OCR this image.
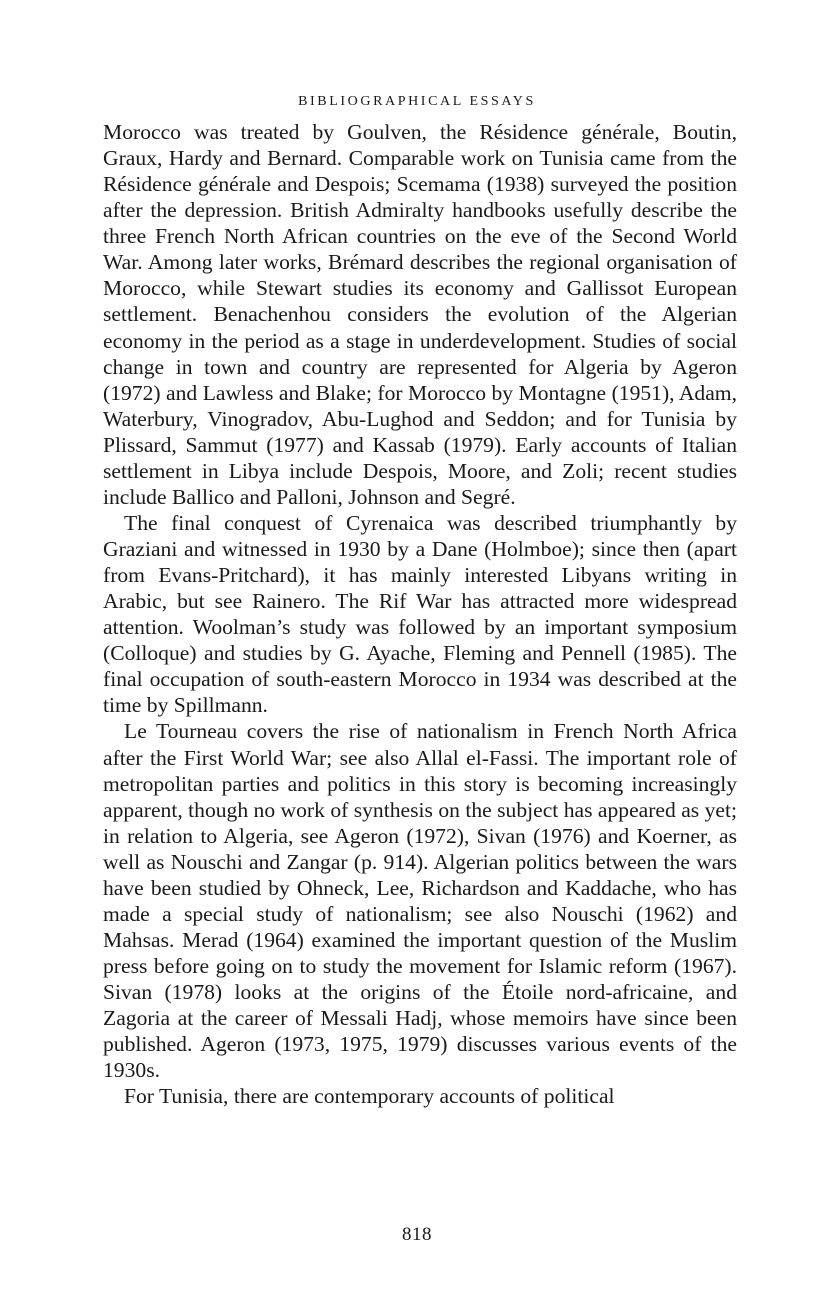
BIBLIOGRAPHICAL ESSAYS

Morocco was treated by Goulven, the Résidence générale, Boutin, Graux, Hardy and Bernard. Comparable work on Tunisia came from the Résidence générale and Despois; Scemama (1938) surveyed the position after the depression. British Admiralty handbooks usefully describe the three French North African countries on the eve of the Second World War. Among later works, Brémard describes the regional organisation of Morocco, while Stewart studies its economy and Gallissot European settlement. Benachenhou considers the evolution of the Algerian economy in the period as a stage in underdevelopment. Studies of social change in town and country are represented for Algeria by Ageron (1972) and Lawless and Blake; for Morocco by Montagne (1951), Adam, Waterbury, Vinogradov, Abu-Lughod and Seddon; and for Tunisia by Plissard, Sammut (1977) and Kassab (1979). Early accounts of Italian settlement in Libya include Despois, Moore, and Zoli; recent studies include Ballico and Palloni, Johnson and Segré.

The final conquest of Cyrenaica was described triumphantly by Graziani and witnessed in 1930 by a Dane (Holmboe); since then (apart from Evans-Pritchard), it has mainly interested Libyans writing in Arabic, but see Rainero. The Rif War has attracted more widespread attention. Woolman’s study was followed by an important symposium (Colloque) and studies by G. Ayache, Fleming and Pennell (1985). The final occupation of south-eastern Morocco in 1934 was described at the time by Spillmann.

Le Tourneau covers the rise of nationalism in French North Africa after the First World War; see also Allal el-Fassi. The important role of metropolitan parties and politics in this story is becoming increasingly apparent, though no work of synthesis on the subject has appeared as yet; in relation to Algeria, see Ageron (1972), Sivan (1976) and Koerner, as well as Nouschi and Zangar (p. 914). Algerian politics between the wars have been studied by Ohneck, Lee, Richardson and Kaddache, who has made a special study of nationalism; see also Nouschi (1962) and Mahsas. Merad (1964) examined the important question of the Muslim press before going on to study the movement for Islamic reform (1967). Sivan (1978) looks at the origins of the Étoile nord-africaine, and Zagoria at the career of Messali Hadj, whose memoirs have since been published. Ageron (1973, 1975, 1979) discusses various events of the 1930s.

For Tunisia, there are contemporary accounts of political

818
